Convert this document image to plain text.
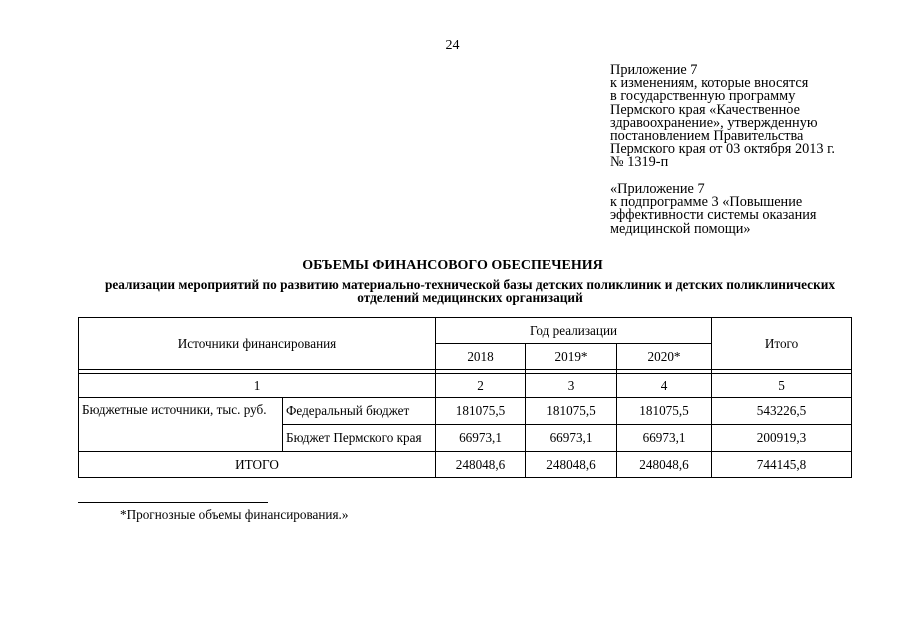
24
Приложение 7
к изменениям, которые вносятся
в государственную программу
Пермского края «Качественное
здравоохранение», утвержденную
постановлением Правительства
Пермского края от 03 октября 2013 г.
№ 1319-п
«Приложение 7
к подпрограмме 3 «Повышение
эффективности системы оказания
медицинской помощи»
ОБЪЕМЫ ФИНАНСОВОГО ОБЕСПЕЧЕНИЯ
реализации мероприятий по развитию материально-технической базы детских поликлиник и детских поликлинических отделений медицинских организаций
Источники финансирования		Год реализации			Итого
		2018	2019*	2020*	

1		2	3	4	5
Бюджетные источники, тыс. руб.	Федеральный бюджет	181075,5	181075,5	181075,5	543226,5
	Бюджет Пермского края	66973,1	66973,1	66973,1	200919,3
ИТОГО		248048,6	248048,6	248048,6	744145,8
*Прогнозные объемы финансирования.»
